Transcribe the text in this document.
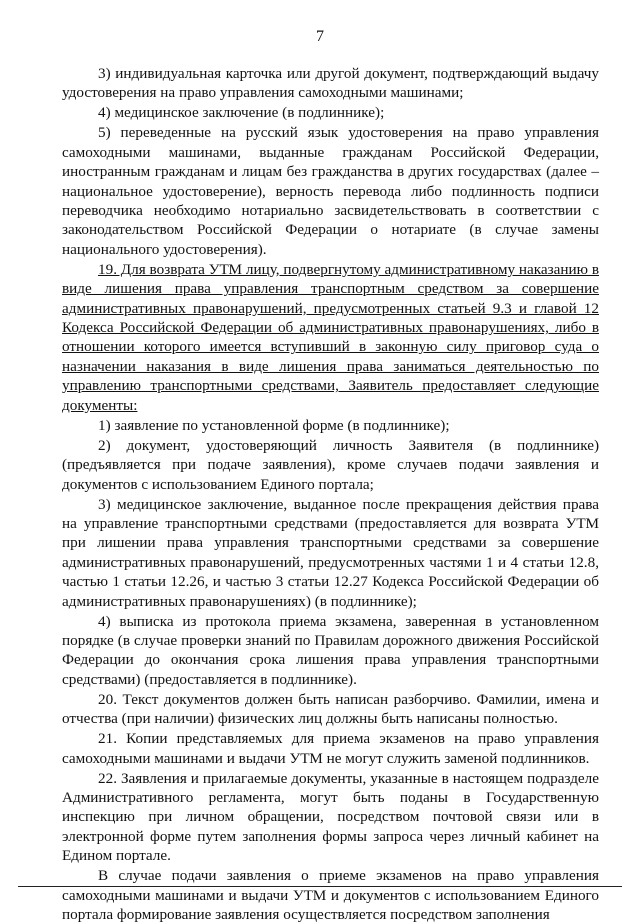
7

3) индивидуальная карточка или другой документ, подтверждающий выдачу удостоверения на право управления самоходными машинами;

4) медицинское заключение (в подлиннике);

5) переведенные на русский язык удостоверения на право управления самоходными машинами, выданные гражданам Российской Федерации, иностранным гражданам и лицам без гражданства в других государствах (далее – национальное удостоверение), верность перевода либо подлинность подписи переводчика необходимо нотариально засвидетельствовать в соответствии с законодательством Российской Федерации о нотариате (в случае замены национального удостоверения).

19. Для возврата УТМ лицу, подвергнутому административному наказанию в виде лишения права управления транспортным средством за совершение административных правонарушений, предусмотренных статьей 9.3 и главой 12 Кодекса Российской Федерации об административных правонарушениях, либо в отношении которого имеется вступивший в законную силу приговор суда о назначении наказания в виде лишения права заниматься деятельностью по управлению транспортными средствами, Заявитель предоставляет следующие документы:

1) заявление по установленной форме (в подлиннике);

2) документ, удостоверяющий личность Заявителя (в подлиннике) (предъявляется при подаче заявления), кроме случаев подачи заявления и документов с использованием Единого портала;

3) медицинское заключение, выданное после прекращения действия права на управление транспортными средствами (предоставляется для возврата УТМ при лишении права управления транспортными средствами за совершение административных правонарушений, предусмотренных частями 1 и 4 статьи 12.8, частью 1 статьи 12.26, и частью 3 статьи 12.27 Кодекса Российской Федерации об административных правонарушениях) (в подлиннике);

4) выписка из протокола приема экзамена, заверенная в установленном порядке (в случае проверки знаний по Правилам дорожного движения Российской Федерации до окончания срока лишения права управления транспортными средствами) (предоставляется в подлиннике).

20. Текст документов должен быть написан разборчиво. Фамилии, имена и отчества (при наличии) физических лиц должны быть написаны полностью.

21. Копии представляемых для приема экзаменов на право управления самоходными машинами и выдачи УТМ не могут служить заменой подлинников.

22. Заявления и прилагаемые документы, указанные в настоящем подразделе Административного регламента, могут быть поданы в Государственную инспекцию при личном обращении, посредством почтовой связи или в электронной форме путем заполнения формы запроса через личный кабинет на Едином портале.

В случае подачи заявления о приеме экзаменов на право управления самоходными машинами и выдачи УТМ и документов с использованием Единого портала формирование заявления осуществляется посредством заполнения
